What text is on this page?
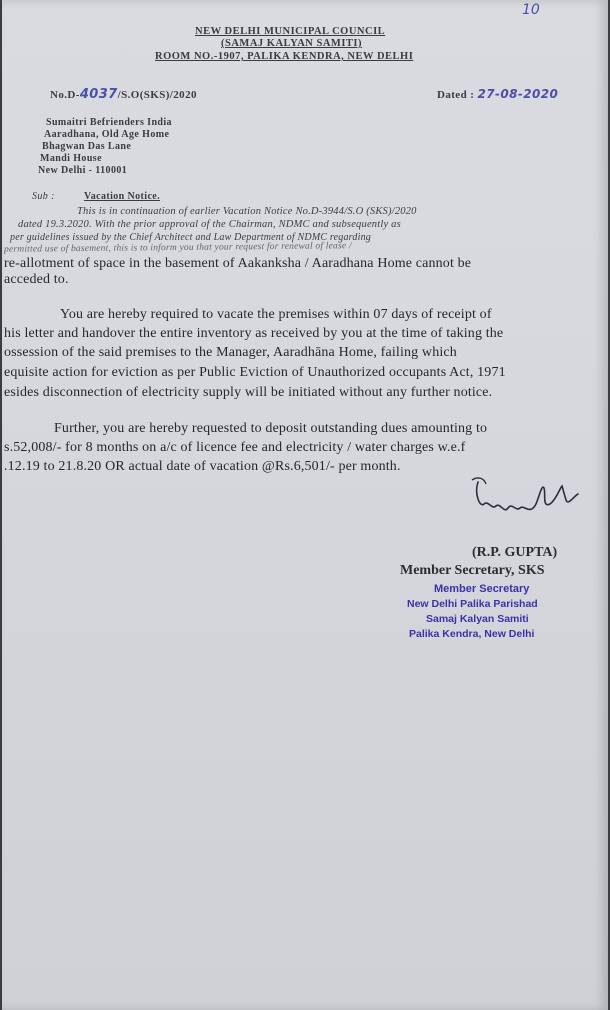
10
NEW DELHI MUNICIPAL COUNCIL
(SAMAJ KALYAN SAMITI)
ROOM NO.-1907, PALIKA KENDRA, NEW DELHI
No.D-4037/S.O(SKS)/2020	Dated : 27-08-2020
Sumaitri Befrienders India
Aaradhana, Old Age Home
Bhagwan Das Lane
Mandi House
New Delhi - 110001
Sub :	Vacation Notice.
This is in continuation of earlier Vacation Notice No.D-3944/S.O (SKS)/2020
dated 19.3.2020. With the prior approval of the Chairman, NDMC and subsequently as
per guidelines issued by the Chief Architect and Law Department of NDMC regarding
permitted use of basement, this is to inform you that your request for renewal of lease /
re-allotment of space in the basement of Aakanksha / Aaradhana Home cannot be
acceded to.
You are hereby required to vacate the premises within 07 days of receipt of
his letter and handover the entire inventory as received by you at the time of taking the
ossession of the said premises to the Manager, Aaradhāna Home, failing which
equisite action for eviction as per Public Eviction of Unauthorized occupants Act, 1971
esides disconnection of electricity supply will be initiated without any further notice.
Further, you are hereby requested to deposit outstanding dues amounting to
s.52,008/- for 8 months on a/c of licence fee and electricity / water charges w.e.f
.12.19 to 21.8.20 OR actual date of vacation @Rs.6,501/- per month.
(R.P. GUPTA)
Member Secretary, SKS
Member Secretary
New Delhi Palika Parishad
Samaj Kalyan Samiti
Palika Kendra, New Delhi
